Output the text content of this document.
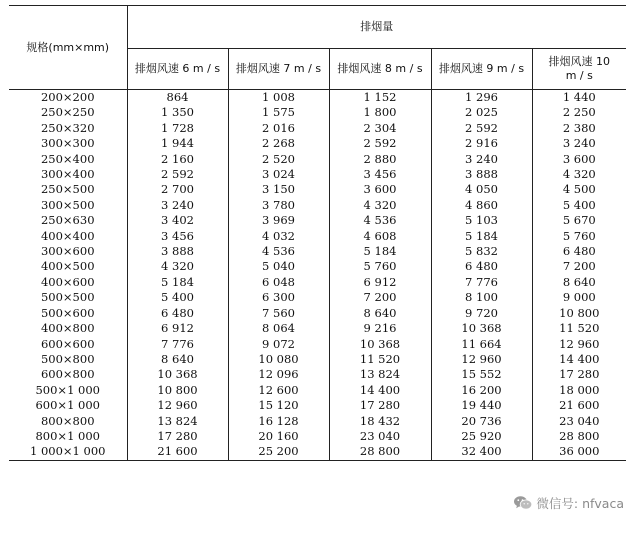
规格(mm×mm)	排烟量				
	排烟风速 6 m / s	排烟风速 7 m / s	排烟风速 8 m / s	排烟风速 9 m / s	排烟风速 10 m / s
200×200	864	1 008	1 152	1 296	1 440
250×250	1 350	1 575	1 800	2 025	2 250
250×320	1 728	2 016	2 304	2 592	2 380
300×300	1 944	2 268	2 592	2 916	3 240
250×400	2 160	2 520	2 880	3 240	3 600
300×400	2 592	3 024	3 456	3 888	4 320
250×500	2 700	3 150	3 600	4 050	4 500
300×500	3 240	3 780	4 320	4 860	5 400
250×630	3 402	3 969	4 536	5 103	5 670
400×400	3 456	4 032	4 608	5 184	5 760
300×600	3 888	4 536	5 184	5 832	6 480
400×500	4 320	5 040	5 760	6 480	7 200
400×600	5 184	6 048	6 912	7 776	8 640
500×500	5 400	6 300	7 200	8 100	9 000
500×600	6 480	7 560	8 640	9 720	10 800
400×800	6 912	8 064	9 216	10 368	11 520
600×600	7 776	9 072	10 368	11 664	12 960
500×800	8 640	10 080	11 520	12 960	14 400
600×800	10 368	12 096	13 824	15 552	17 280
500×1 000	10 800	12 600	14 400	16 200	18 000
600×1 000	12 960	15 120	17 280	19 440	21 600
800×800	13 824	16 128	18 432	20 736	23 040
800×1 000	17 280	20 160	23 040	25 920	28 800
1 000×1 000	21 600	25 200	28 800	32 400	36 000
微信号: nfvaca
